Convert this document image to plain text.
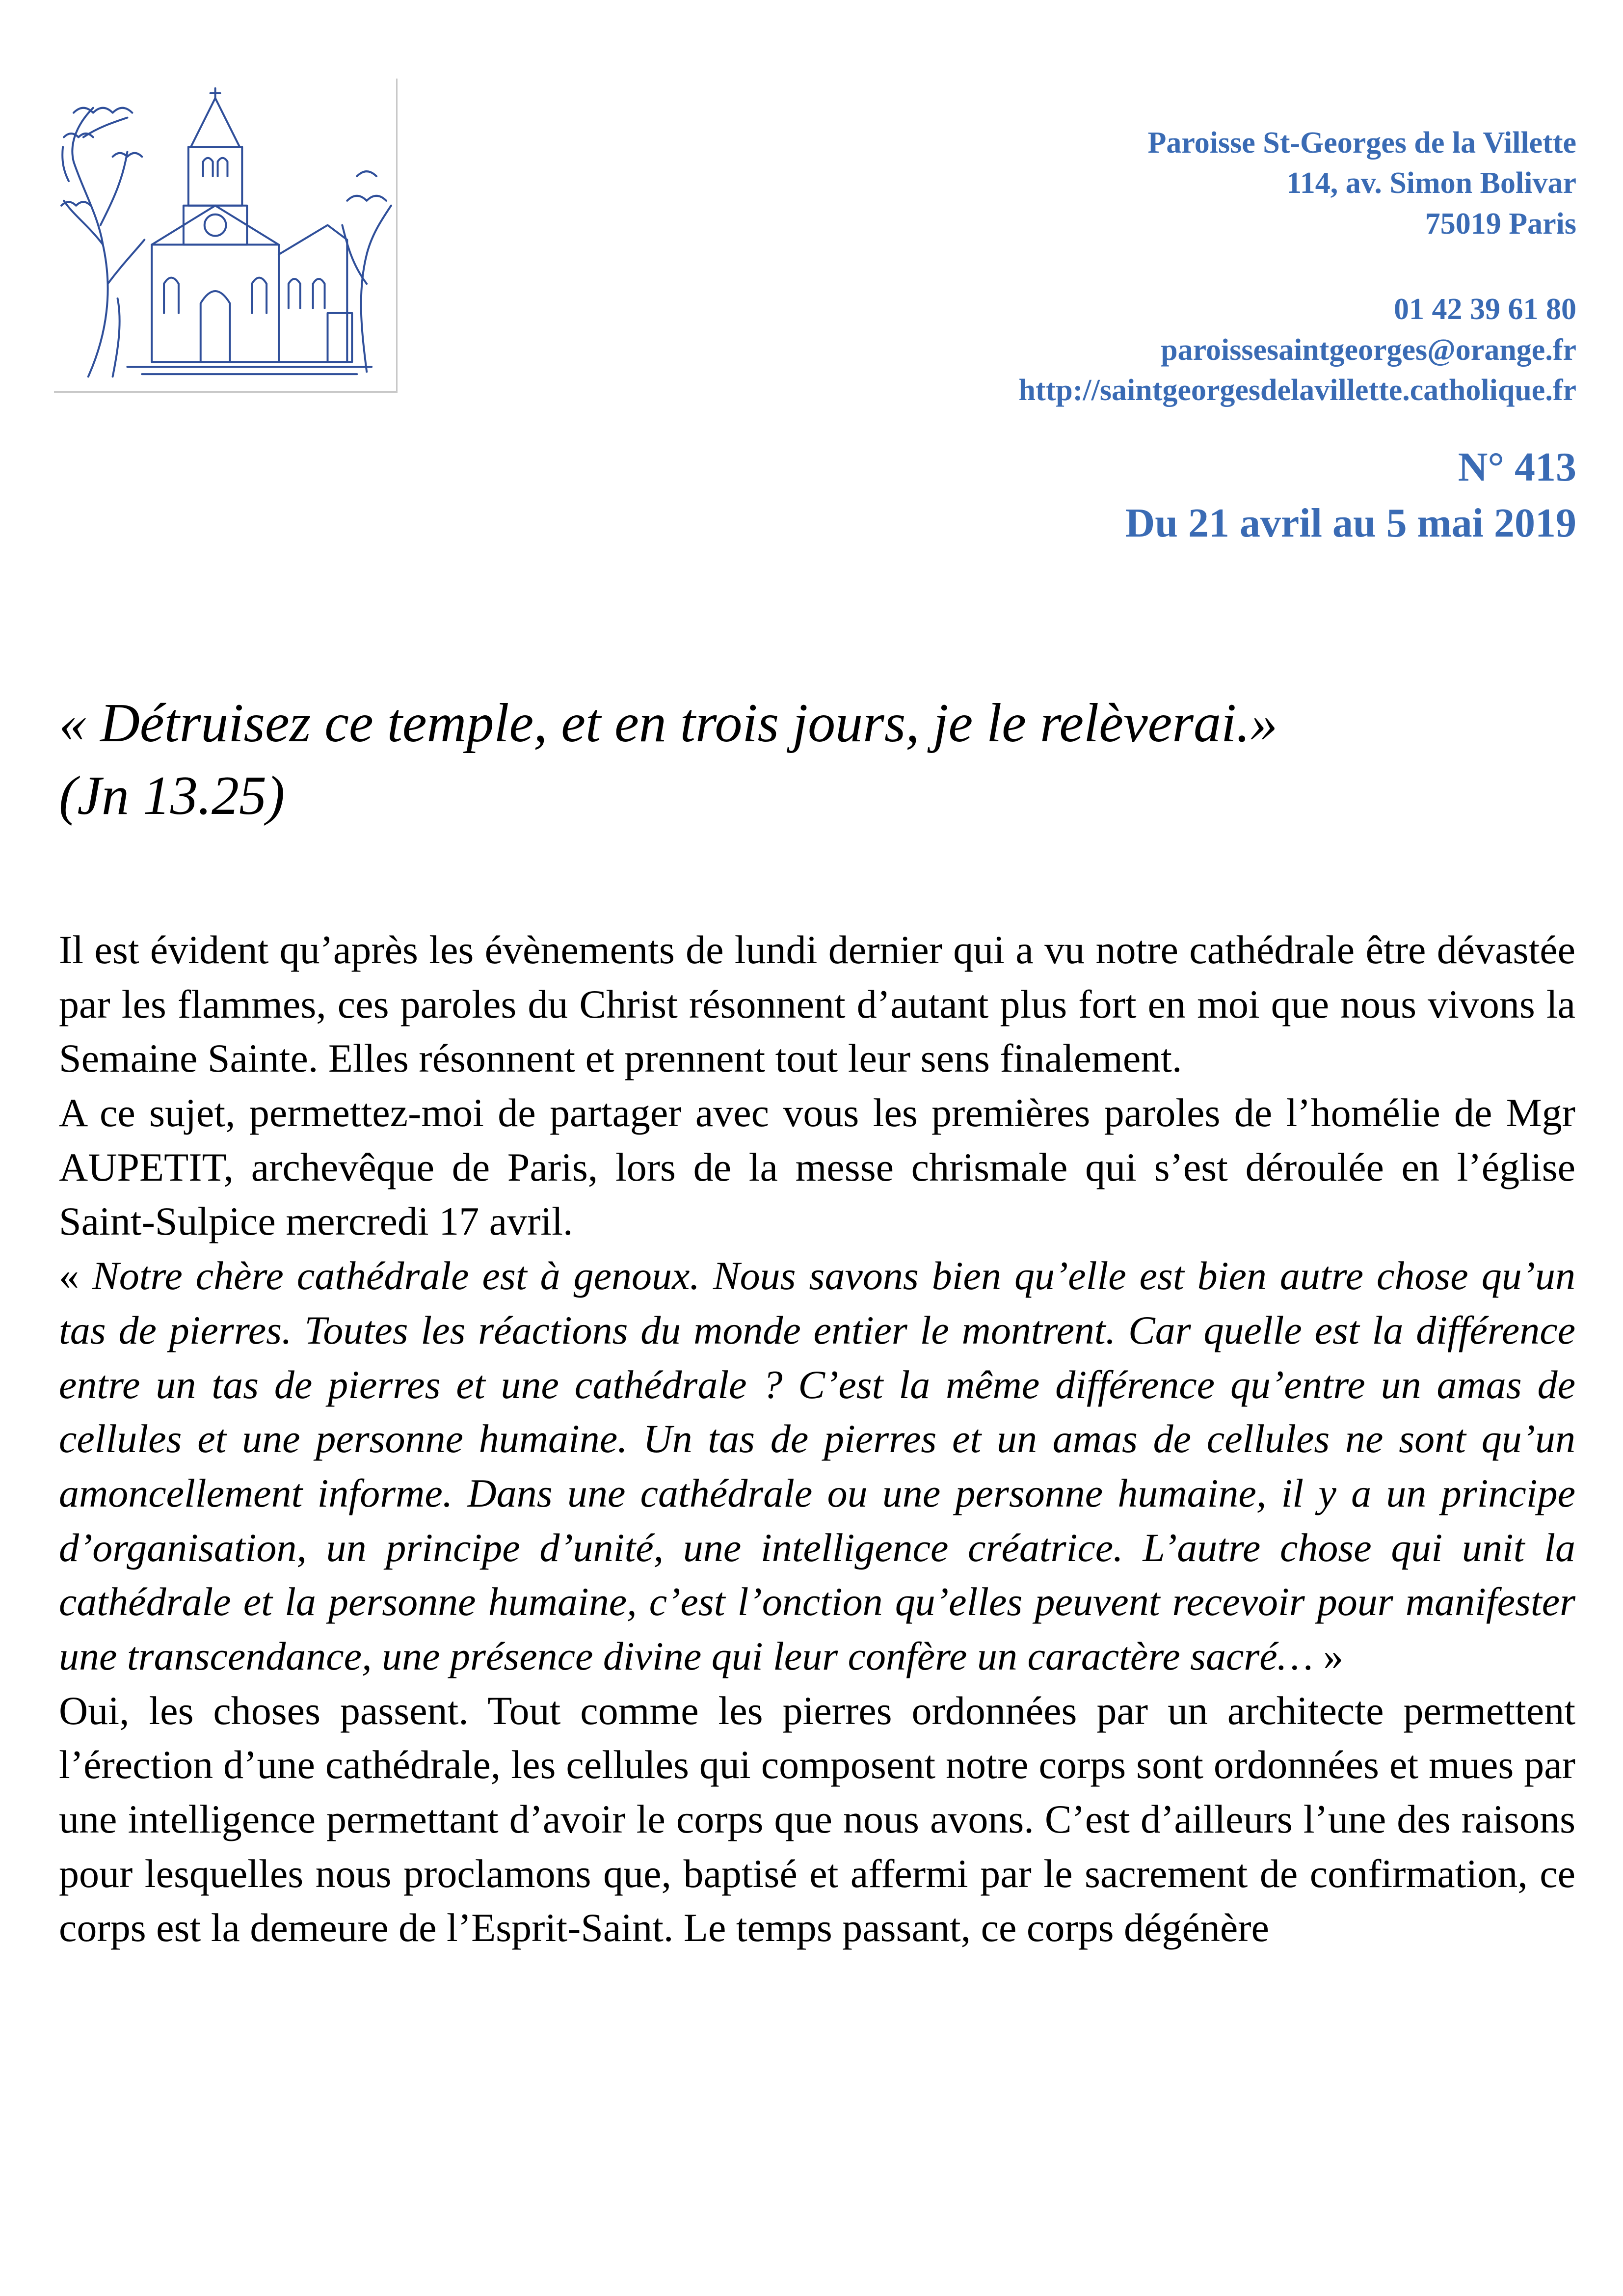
Paroisse St-Georges de la Villette
114, av. Simon Bolivar
75019 Paris
01 42 39 61 80
paroissesaintgeorges@orange.fr
http://saintgeorgesdelavillette.catholique.fr
N° 413
Du 21 avril au 5 mai 2019
« Détruisez ce temple, et en trois jours, je le relèverai.»
(Jn 13.25)

Il est évident qu’après les évènements de lundi dernier qui a vu notre cathédrale être dévastée par les flammes, ces paroles du Christ résonnent d’autant plus fort en moi que nous vivons la Semaine Sainte. Elles résonnent et prennent tout leur sens finalement.

A ce sujet, permettez-moi de partager avec vous les premières paroles de l’homélie de Mgr AUPETIT, archevêque de Paris, lors de la messe chrismale qui s’est déroulée en l’église Saint-Sulpice mercredi 17 avril.

« Notre chère cathédrale est à genoux. Nous savons bien qu’elle est bien autre chose qu’un tas de pierres. Toutes les réactions du monde entier le montrent. Car quelle est la différence entre un tas de pierres et une cathédrale ? C’est la même différence qu’entre un amas de cellules et une personne humaine. Un tas de pierres et un amas de cellules ne sont qu’un amoncellement informe. Dans une cathédrale ou une personne humaine, il y a un principe d’organisation, un principe d’unité, une intelligence créatrice. L’autre chose qui unit la cathédrale et la personne humaine, c’est l’onction qu’elles peuvent recevoir pour manifester une transcendance, une présence divine qui leur confère un caractère sacré… »

Oui, les choses passent. Tout comme les pierres ordonnées par un architecte permettent l’érection d’une cathédrale, les cellules qui composent notre corps sont ordonnées et mues par une intelligence permettant d’avoir le corps que nous avons. C’est d’ailleurs l’une des raisons pour lesquelles nous proclamons que, baptisé et affermi par le sacrement de confirmation, ce corps est la demeure de l’Esprit-Saint. Le temps passant, ce corps dégénère
